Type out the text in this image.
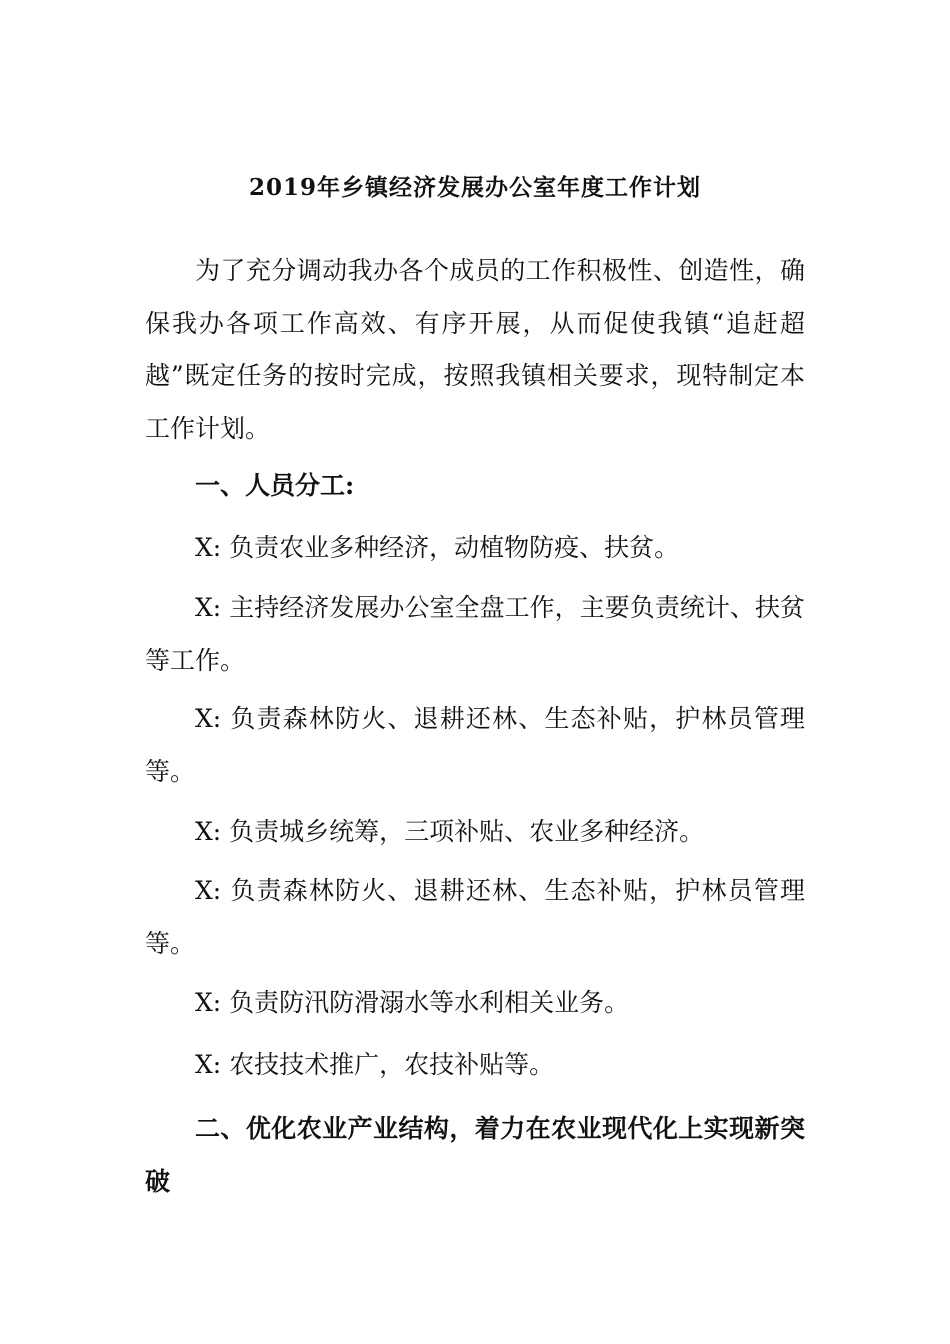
2019年乡镇经济发展办公室年度工作计划

为了充分调动我办各个成员的工作积极性、创造性，确保我办各项工作高效、有序开展，从而促使我镇“追赶超越”既定任务的按时完成，按照我镇相关要求，现特制定本工作计划。

一、人员分工:

X: 负责农业多种经济，动植物防疫、扶贫。

X: 主持经济发展办公室全盘工作，主要负责统计、扶贫等工作。

X: 负责森林防火、退耕还林、生态补贴，护林员管理等。

X: 负责城乡统筹，三项补贴、农业多种经济。

X: 负责森林防火、退耕还林、生态补贴，护林员管理等。

X: 负责防汛防滑溺水等水利相关业务。

X: 农技技术推广，农技补贴等。

二、优化农业产业结构，着力在农业现代化上实现新突破
